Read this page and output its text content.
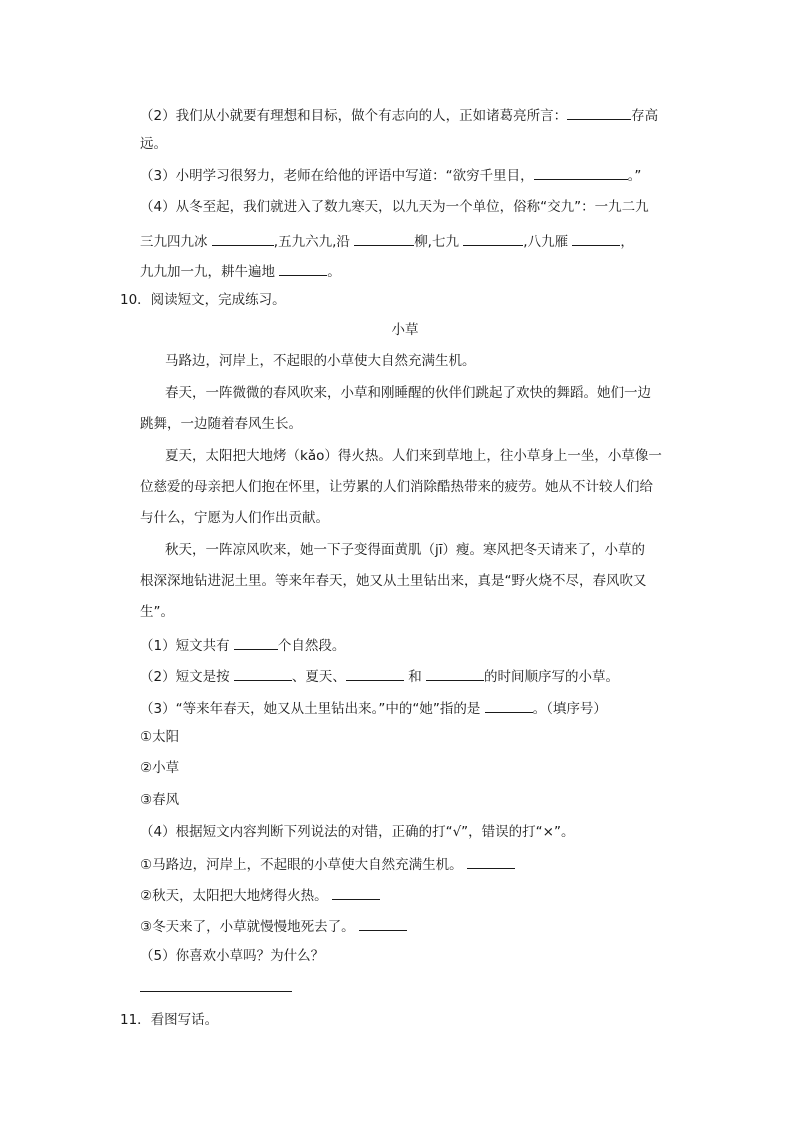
（2）我们从小就要有理想和目标，做个有志向的人，正如诸葛亮所言：	存高
远。
（3）小明学习很努力，老师在给他的评语中写道：“欲穷千里目，	。”
（4）从冬至起，我们就进入了数九寒天，以九天为一个单位，俗称“交九”：一九二九
三九四九冰	,五九六九,沿	柳,七九	,八九雁	，
九九加一九，耕牛遍地	。
10．阅读短文，完成练习。
小草
马路边，河岸上，不起眼的小草使大自然充满生机。
春天，一阵微微的春风吹来，小草和刚睡醒的伙伴们跳起了欢快的舞蹈。她们一边
跳舞，一边随着春风生长。
夏天，太阳把大地烤（kǎo）得火热。人们来到草地上，往小草身上一坐，小草像一
位慈爱的母亲把人们抱在怀里，让劳累的人们消除酷热带来的疲劳。她从不计较人们给
与什么，宁愿为人们作出贡献。
秋天，一阵凉风吹来，她一下子变得面黄肌（jī）瘦。寒风把冬天请来了，小草的
根深深地钻进泥土里。等来年春天，她又从土里钻出来，真是“野火烧不尽，春风吹又
生”。
（1）短文共有	个自然段。
（2）短文是按	、夏天、	和	的时间顺序写的小草。
（3）“等来年春天，她又从土里钻出来。”中的“她”指的是	。（填序号）
①太阳
②小草
③春风
（4）根据短文内容判断下列说法的对错，正确的打“√”，错误的打“×”。
①马路边，河岸上，不起眼的小草使大自然充满生机。
②秋天，太阳把大地烤得火热。
③冬天来了，小草就慢慢地死去了。
（5）你喜欢小草吗？为什么？
11．看图写话。
